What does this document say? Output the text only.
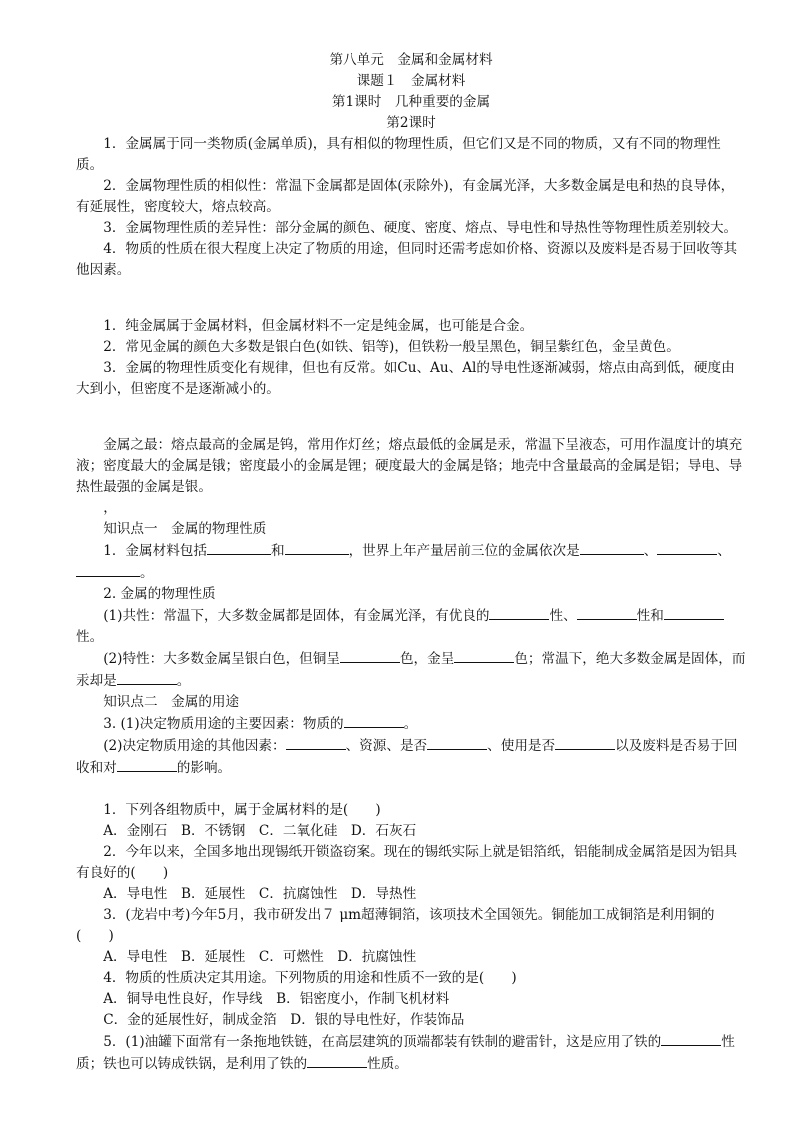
第八单元　金属和金属材料
课题１　金属材料
第1课时　几种重要的金属
第2课时

1．金属属于同一类物质(金属单质)，具有相似的物理性质，但它们又是不同的物质，又有不同的物理性质。

2．金属物理性质的相似性：常温下金属都是固体(汞除外)，有金属光泽，大多数金属是电和热的良导体，有延展性，密度较大，熔点较高。

3．金属物理性质的差异性：部分金属的颜色、硬度、密度、熔点、导电性和导热性等物理性质差别较大。

4．物质的性质在很大程度上决定了物质的用途，但同时还需考虑如价格、资源以及废料是否易于回收等其他因素。

1．纯金属属于金属材料，但金属材料不一定是纯金属，也可能是合金。

2．常见金属的颜色大多数是银白色(如铁、铝等)，但铁粉一般呈黑色，铜呈紫红色，金呈黄色。

3．金属的物理性质变化有规律，但也有反常。如Cu、Au、Al的导电性逐渐减弱，熔点由高到低，硬度由大到小，但密度不是逐渐减小的。

金属之最：熔点最高的金属是钨，常用作灯丝；熔点最低的金属是汞，常温下呈液态，可用作温度计的填充液；密度最大的金属是锇；密度最小的金属是锂；硬度最大的金属是铬；地壳中含量最高的金属是铝；导电、导热性最强的金属是银。

，

知识点一　金属的物理性质

1．金属材料包括	和	，世界上年产量居前三位的金属依次是	、	、。

2. 金属的物理性质

(1)共性：常温下，大多数金属都是固体，有金属光泽，有优良的	性、	性和性。

(2)特性：大多数金属呈银白色，但铜呈	色，金呈	色；常温下，绝大多数金属是固体，而汞却是	。

知识点二　金属的用途

3. (1)决定物质用途的主要因素：物质的	。

(2)决定物质用途的其他因素：	、资源、是否	、使用是否	以及废料是否易于回收和对	的影响。

1．下列各组物质中，属于金属材料的是(　　)

A．金刚石　B．不锈钢　C．二氧化硅　D．石灰石

2．今年以来，全国多地出现锡纸开锁盗窃案。现在的锡纸实际上就是铝箔纸，铝能制成金属箔是因为铝具有良好的(　　)

A．导电性　B．延展性　C．抗腐蚀性　D．导热性

3．(龙岩中考)今年5月，我市研发出７ μm超薄铜箔，该项技术全国领先。铜能加工成铜箔是利用铜的(　　)

A．导电性　B．延展性　C．可燃性　D．抗腐蚀性

4．物质的性质决定其用途。下列物质的用途和性质不一致的是(　　)

A．铜导电性良好，作导线　B．铝密度小，作制飞机材料

C．金的延展性好，制成金箔　D．银的导电性好，作装饰品

5．(1)油罐下面常有一条拖地铁链，在高层建筑的顶端都装有铁制的避雷针，这是应用了铁的	性质；铁也可以铸成铁锅，是利用了铁的	性质。
